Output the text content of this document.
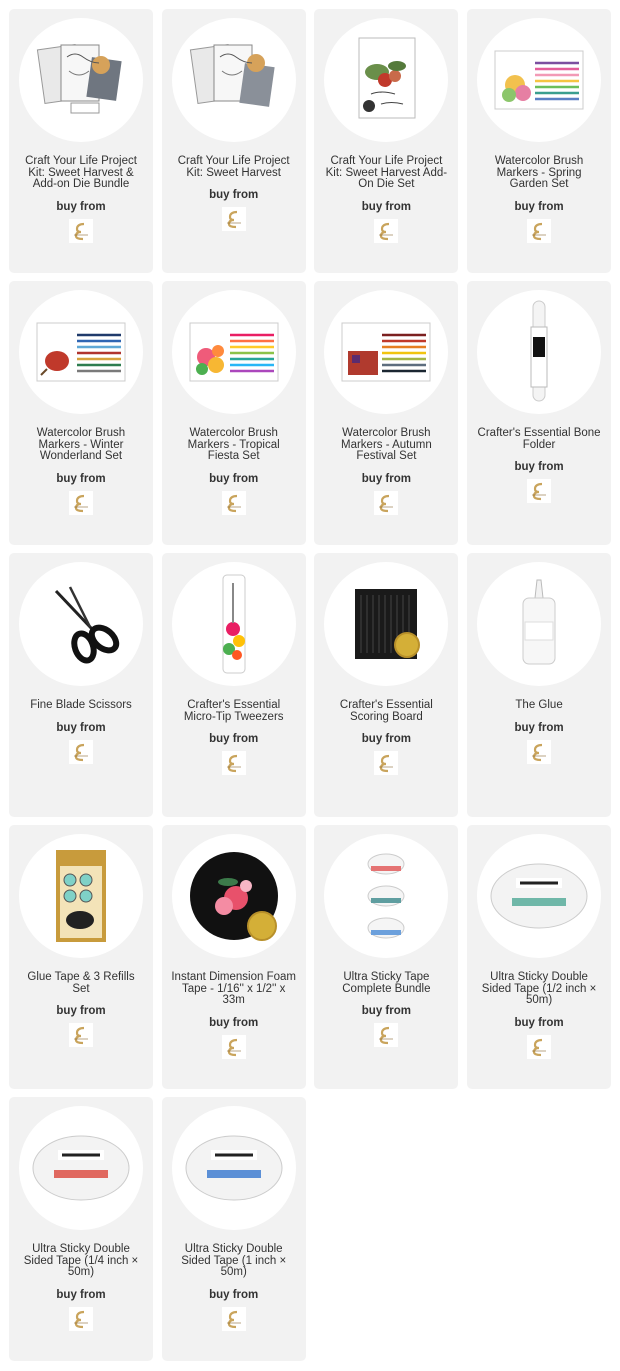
Craft Your Life Project Kit: Sweet Harvest & Add-on Die Bundle
buy from
Craft Your Life Project Kit: Sweet Harvest
buy from
Craft Your Life Project Kit: Sweet Harvest Add-On Die Set
buy from
Watercolor Brush Markers - Spring Garden Set
buy from
Watercolor Brush Markers - Winter Wonderland Set
buy from
Watercolor Brush Markers - Tropical Fiesta Set
buy from
Watercolor Brush Markers - Autumn Festival Set
buy from
Crafter's Essential Bone Folder
buy from
Fine Blade Scissors
buy from
Crafter's Essential Micro-Tip Tweezers
buy from
Crafter's Essential Scoring Board
buy from
The Glue
buy from
Glue Tape & 3 Refills Set
buy from
Instant Dimension Foam Tape - 1/16'' x 1/2'' x 33m
buy from
Ultra Sticky Tape Complete Bundle
buy from
Ultra Sticky Double Sided Tape (1/2 inch × 50m)
buy from
Ultra Sticky Double Sided Tape (1/4 inch × 50m)
buy from
Ultra Sticky Double Sided Tape (1 inch × 50m)
buy from
